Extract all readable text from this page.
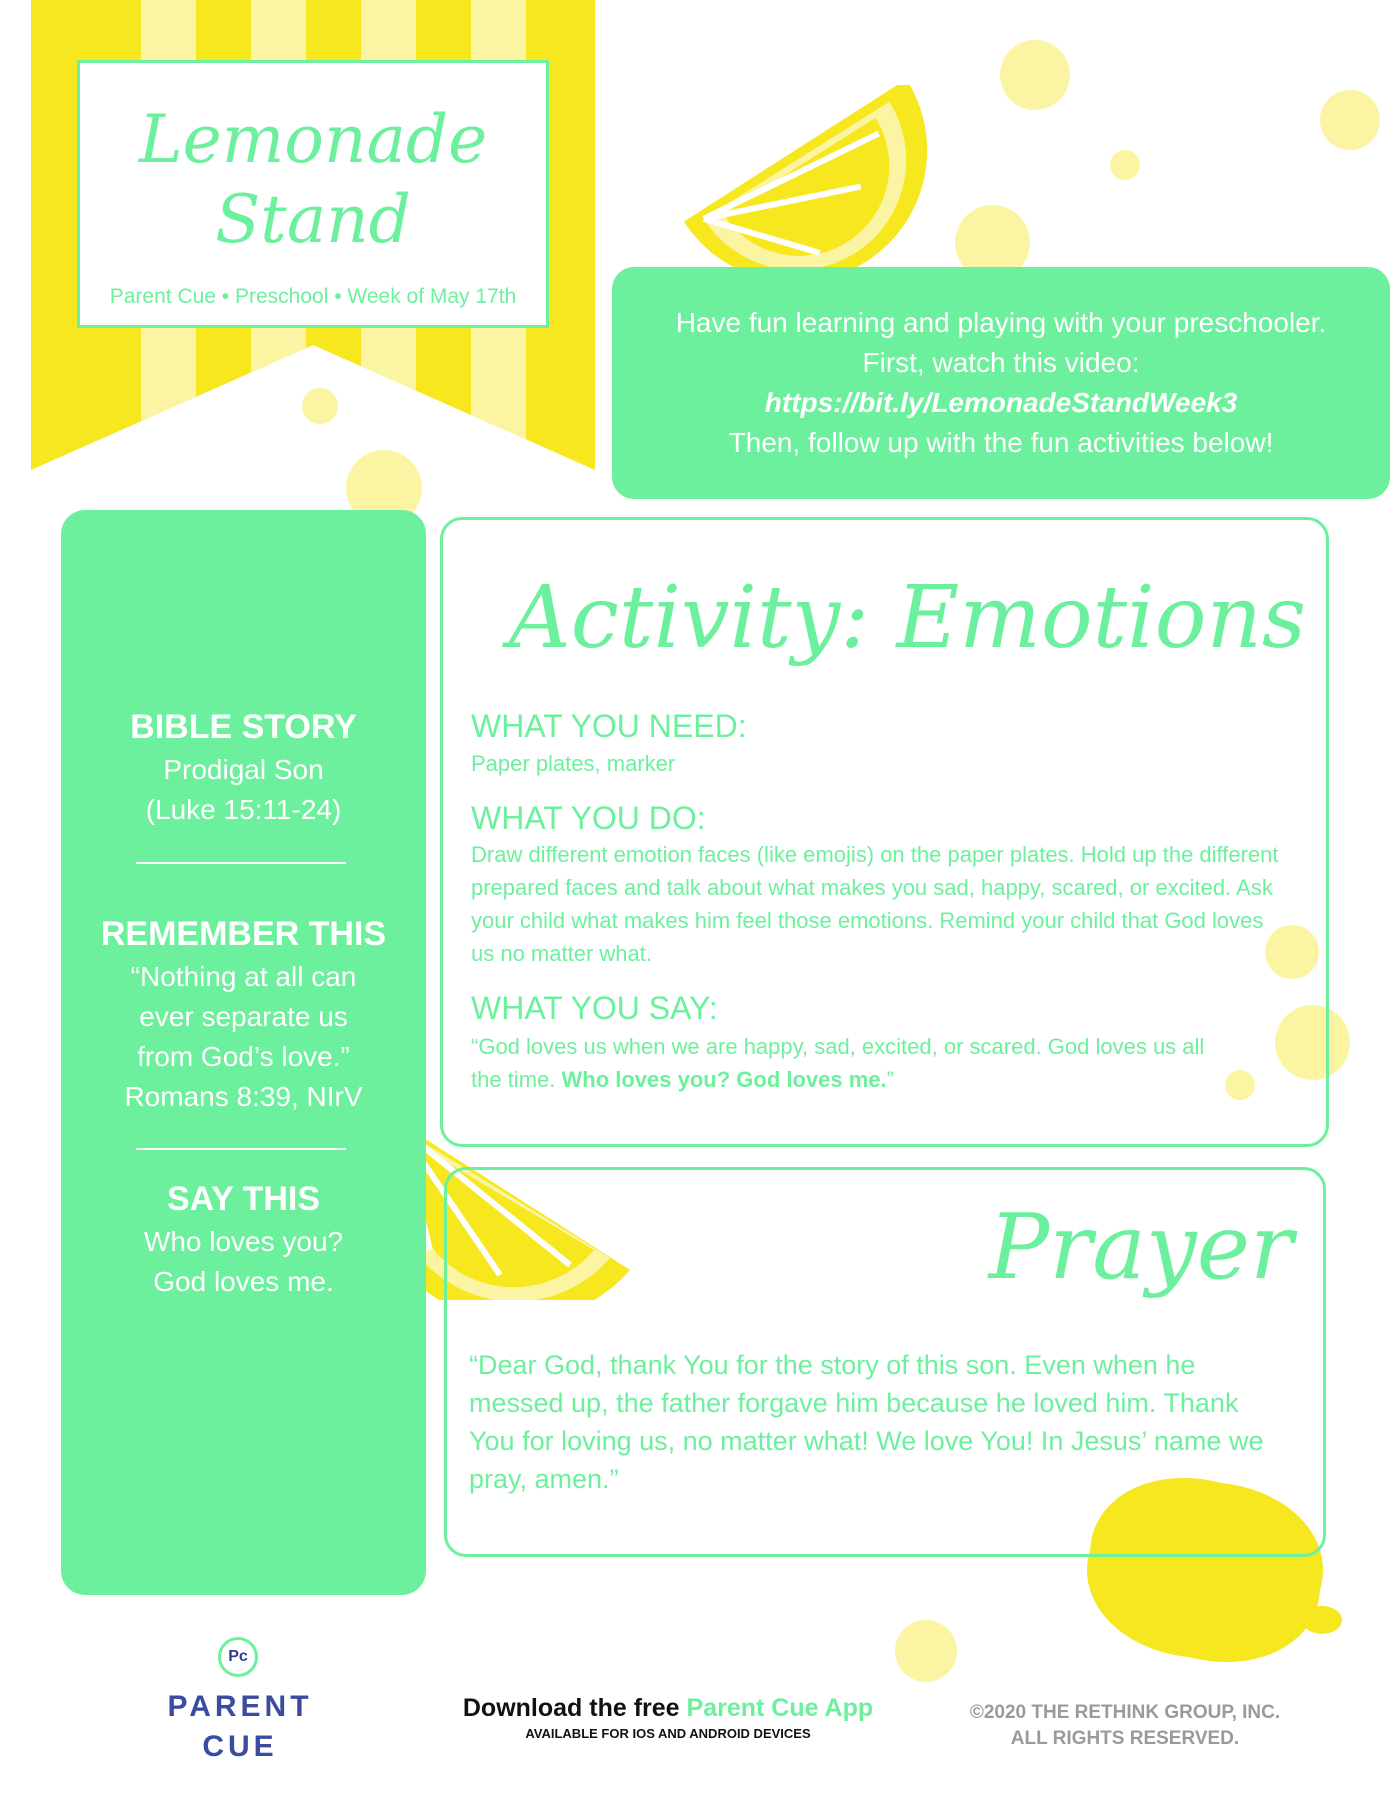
Lemonade
Stand
Parent Cue • Preschool • Week of May 17th
Have fun learning and playing with your preschooler.
First, watch this video:
https://bit.ly/LemonadeStandWeek3
Then, follow up with the fun activities below!
BIBLE STORY
Prodigal Son
(Luke 15:11-24)
REMEMBER THIS
“Nothing at all can
ever separate us
from God’s love.”
Romans 8:39, NIrV
SAY THIS
Who loves you?
God loves me.
Activity: Emotions
WHAT YOU NEED:
Paper plates, marker
WHAT YOU DO:
Draw different emotion faces (like emojis) on the paper plates. Hold up the different prepared faces and talk about what makes you sad, happy, scared, or excited. Ask your child what makes him feel those emotions. Remind your child that God loves us no matter what.
WHAT YOU SAY:
“God loves us when we are happy, sad, excited, or scared. God loves us all the time. Who loves you? God loves me.”
Prayer
“Dear God, thank You for the story of this son. Even when he messed up, the father forgave him because he loved him. Thank You for loving us, no matter what! We love You! In Jesus’ name we pray, amen.”
Pc
PARENT
CUE
Download the free Parent Cue App
AVAILABLE FOR IOS AND ANDROID DEVICES
©2020 THE RETHINK GROUP, INC.
ALL RIGHTS RESERVED.
